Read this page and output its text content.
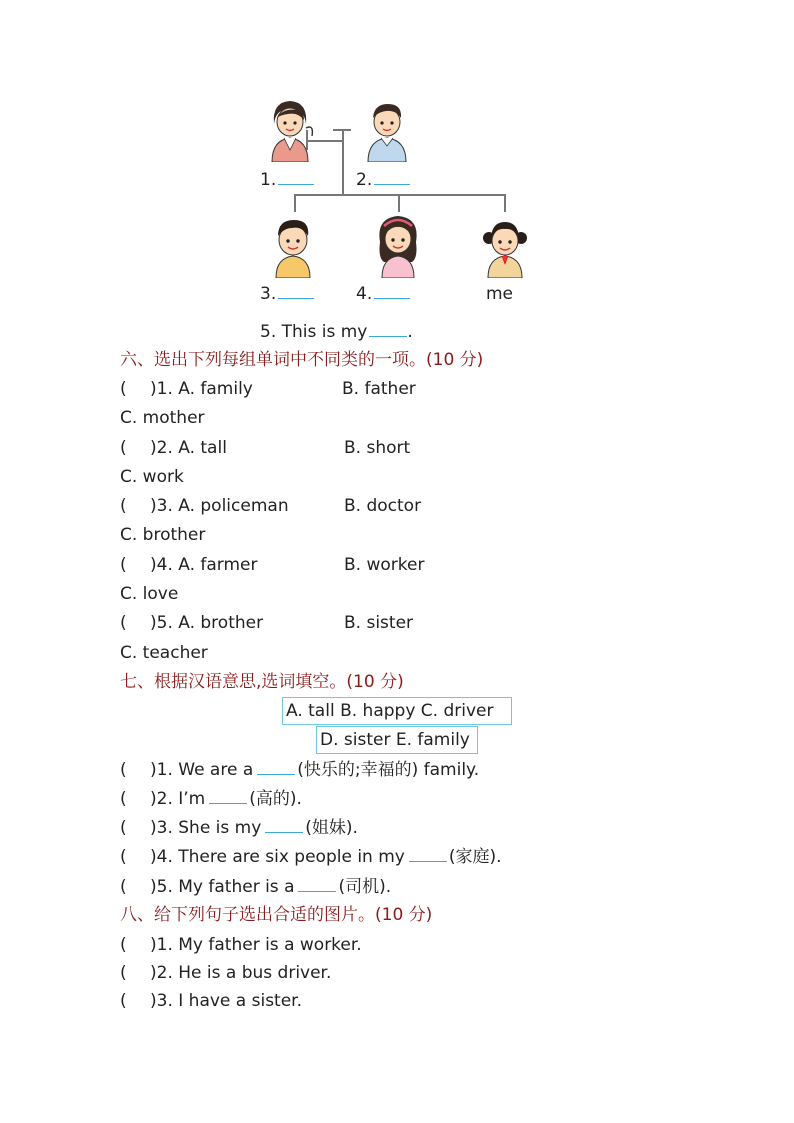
1.	2.
3.	4.	me
5. This is my .
六、选出下列每组单词中不同类的一项。(10 分)
( )1. A. family	B. father
C. mother
( )2. A. tall	B. short
C. work
( )3. A. policeman	B. doctor
C. brother
( )4. A. farmer	B. worker
C. love
( )5. A. brother	B. sister
C. teacher
七、根据汉语意思,选词填空。(10 分)
A. tall B. happy C. driver
D. sister E. family
( )1. We are a	(快乐的;幸福的) family.
( )2. I’m	(高的).
( )3. She is my	(姐妹).
( )4. There are six people in my	(家庭).
( )5. My father is a	(司机).
八、给下列句子选出合适的图片。(10 分)
( )1. My father is a worker.
( )2. He is a bus driver.
( )3. I have a sister.
